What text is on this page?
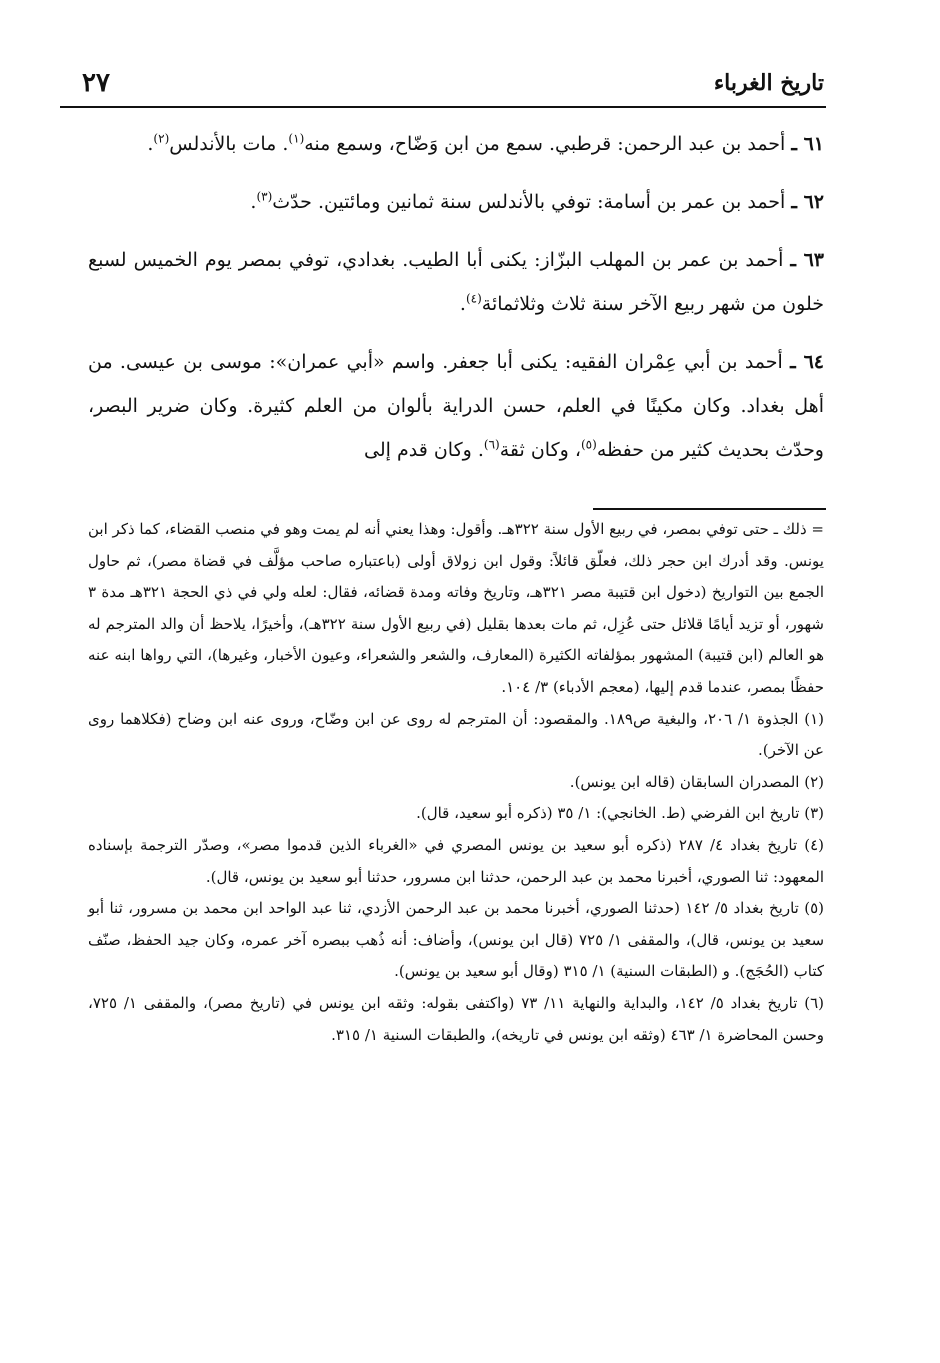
٢٧	تاريخ الغرباء

٦١ ـ أحمد بن عبد الرحمن: قرطبي. سمع من ابن وَضّاح، وسمع منه$^{(١)}$. مات بالأندلس$^{(٢)}$.

٦٢ ـ أحمد بن عمر بن أسامة: توفي بالأندلس سنة ثمانين ومائتين. حدّث$^{(٣)}$.

٦٣ ـ أحمد بن عمر بن المهلب البزّاز: يكنى أبا الطيب. بغدادي، توفي بمصر يوم الخميس لسبع خلون من شهر ربيع الآخر سنة ثلاث وثلاثمائة$^{(٤)}$.

٦٤ ـ أحمد بن أبي عِمْران الفقيه: يكنى أبا جعفر. واسم «أبي عمران»: موسى بن عيسى. من أهل بغداد. وكان مكينًا في العلم، حسن الدراية بألوان من العلم كثيرة. وكان ضرير البصر، وحدّث بحديث كثير من حفظه$^{(٥)}$، وكان ثقة$^{(٦)}$. وكان قدم إلى

= ذلك ـ حتى توفي بمصر، في ربيع الأول سنة ٣٢٢هـ. وأقول: وهذا يعني أنه لم يمت وهو في منصب القضاء، كما ذكر ابن يونس. وقد أدرك ابن حجر ذلك، فعلّق قائلاً: وقول ابن زولاق أولى (باعتباره صاحب مؤلَّف في قضاة مصر)، ثم حاول الجمع بين التواريخ (دخول ابن قتيبة مصر ٣٢١هـ، وتاريخ وفاته ومدة قضائه، فقال: لعله ولي في ذي الحجة ٣٢١هـ مدة ٣ شهور، أو تزيد أيامًا قلائل حتى عُزِل، ثم مات بعدها بقليل (في ربيع الأول سنة ٣٢٢هـ)، وأخيرًا، يلاحظ أن والد المترجم له هو العالم (ابن قتيبة) المشهور بمؤلفاته الكثيرة (المعارف، والشعر والشعراء، وعيون الأخبار، وغيرها)، التي رواها ابنه عنه حفظًا بمصر، عندما قدم إليها، (معجم الأدباء) ٣/ ١٠٤.

(١) الجذوة ١/ ٢٠٦، والبغية ص١٨٩. والمقصود: أن المترجم له روى عن ابن وضّاح، وروى عنه ابن وضاح (فكلاهما روى عن الآخر).

(٢) المصدران السابقان (قاله ابن يونس).

(٣) تاريخ ابن الفرضي (ط. الخانجي): ١/ ٣٥ (ذكره أبو سعيد، قال).

(٤) تاريخ بغداد ٤/ ٢٨٧ (ذكره أبو سعيد بن يونس المصري في «الغرباء الذين قدموا مصر»، وصدّر الترجمة بإسناده المعهود: ثنا الصوري، أخبرنا محمد بن عبد الرحمن، حدثنا ابن مسرور، حدثنا أبو سعيد بن يونس، قال).

(٥) تاريخ بغداد ٥/ ١٤٢ (حدثنا الصوري، أخبرنا محمد بن عبد الرحمن الأزدي، ثنا عبد الواحد ابن محمد بن مسرور، ثنا أبو سعيد بن يونس، قال)، والمقفى ١/ ٧٢٥ (قال ابن يونس)، وأضاف: أنه ذُهب ببصره آخر عمره، وكان جيد الحفظ، صنّف كتاب (الحُجَج). و (الطبقات السنية) ١/ ٣١٥ (وقال أبو سعيد بن يونس).

(٦) تاريخ بغداد ٥/ ١٤٢، والبداية والنهاية ١١/ ٧٣ (واكتفى بقوله: وثقه ابن يونس في (تاريخ مصر)، والمقفى ١/ ٧٢٥، وحسن المحاضرة ١/ ٤٦٣ (وثقه ابن يونس في تاريخه)، والطبقات السنية ١/ ٣١٥.
